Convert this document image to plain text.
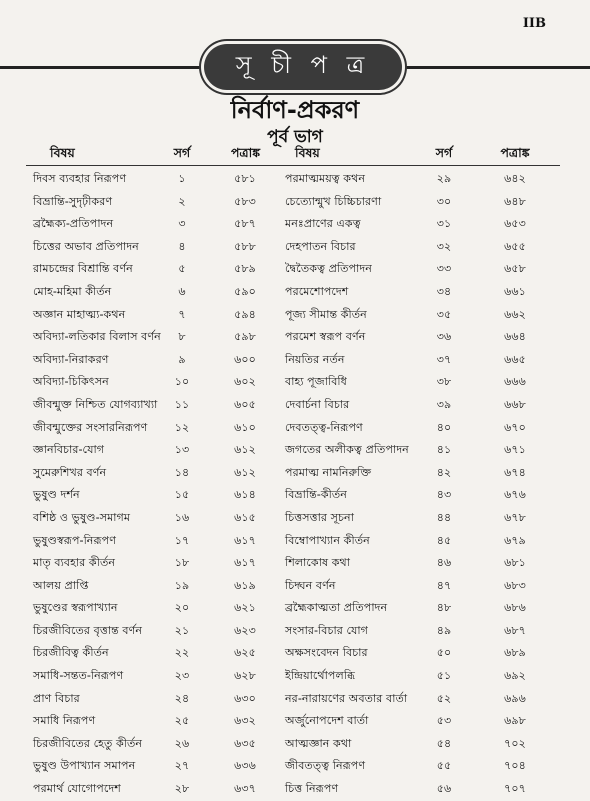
IIB
সূ চী প ত্র
নির্বাণ-প্রকরণ
পূর্ব ভাগ
বিষয়	সর্গ	পত্রাঙ্ক	বিষয়	সর্গ	পত্রাঙ্ক
দিবস ব্যবহার নিরূপণ	১	৫৮১	পরমাত্মময়ত্ব কথন	২৯	৬৪২
বিভ্রান্তি-সুদৃঢ়ীকরণ	২	৫৮৩	চেত্যোন্মুখ চিচ্চিচারণা	৩০	৬৪৮
ব্রহ্মৈক্য-প্রতিপাদন	৩	৫৮৭	মনঃপ্রাণের একত্ব	৩১	৬৫৩
চিত্তের অভাব প্রতিপাদন	৪	৫৮৮	দেহপাতন বিচার	৩২	৬৫৫
রামচন্দ্রের বিশ্রান্তি বর্ণন	৫	৫৮৯	দ্বৈতৈকত্ব প্রতিপাদন	৩৩	৬৫৮
মোহ-মহিমা কীর্তন	৬	৫৯০	পরমেশোপদেশ	৩৪	৬৬১
অজ্ঞান মাহাত্ম্য-কথন	৭	৫৯৪	পূজ্য সীমান্ত কীর্তন	৩৫	৬৬২
অবিদ্যা-লতিকার বিলাস বর্ণন	৮	৫৯৮	পরমেশ স্বরূপ বর্ণন	৩৬	৬৬৪
অবিদ্যা-নিরাকরণ	৯	৬০০	নিয়তির নর্তন	৩৭	৬৬৫
অবিদ্যা-চিকিৎসন	১০	৬০২	বাহ্য পূজাবিধি	৩৮	৬৬৬
জীবন্মুক্ত নিশ্চিত যোগব্যাখ্যা	১১	৬০৫	দেবার্চনা বিচার	৩৯	৬৬৮
জীবন্মুক্তের সংসারনিরূপণ	১২	৬১০	দেবতত্ত্ব-নিরূপণ	৪০	৬৭০
জ্ঞানবিচার-যোগ	১৩	৬১২	জগতের অলীকত্ব প্রতিপাদন	৪১	৬৭১
সুমেরুশিখর বর্ণন	১৪	৬১২	পরমাত্ম নামনিরুক্তি	৪২	৬৭৪
ভুষুণ্ড দর্শন	১৫	৬১৪	বিভ্রান্তি-কীর্তন	৪৩	৬৭৬
বশিষ্ঠ ও ভুষুণ্ড-সমাগম	১৬	৬১৫	চিত্তসত্তার সূচনা	৪৪	৬৭৮
ভুষুণ্ডস্বরূপ-নিরূপণ	১৭	৬১৭	বিম্বোপাখ্যান কীর্তন	৪৫	৬৭৯
মাতৃ ব্যবহার কীর্তন	১৮	৬১৭	শিলাকোষ কথা	৪৬	৬৮১
আলয় প্রাপ্তি	১৯	৬১৯	চিদ্ঘন বর্ণন	৪৭	৬৮৩
ভুষুণ্ডের স্বরূপাখ্যান	২০	৬২১	ব্রহ্মৈকাত্মতা প্রতিপাদন	৪৮	৬৮৬
চিরজীবিতের বৃত্তান্ত বর্ণন	২১	৬২৩	সংসার-বিচার যোগ	৪৯	৬৮৭
চিরজীবিত্ব কীর্তন	২২	৬২৫	অক্ষসংবেদন বিচার	৫০	৬৮৯
সমাধি-সন্তত-নিরূপণ	২৩	৬২৮	ইন্দ্রিয়ার্থোপলব্ধি	৫১	৬৯২
প্রাণ বিচার	২৪	৬৩০	নর-নারায়ণের অবতার বার্তা	৫২	৬৯৬
সমাধি নিরূপণ	২৫	৬৩২	অর্জুনোপদেশ বার্তা	৫৩	৬৯৮
চিরজীবিতের হেতু কীর্তন	২৬	৬৩৫	আত্মজ্ঞান কথা	৫৪	৭০২
ভুষুণ্ড উপাখ্যান সমাপন	২৭	৬৩৬	জীবতত্ত্ব নিরূপণ	৫৫	৭০৪
পরমার্থ যোগোপদেশ	২৮	৬৩৭	চিত্ত নিরূপণ	৫৬	৭০৭
